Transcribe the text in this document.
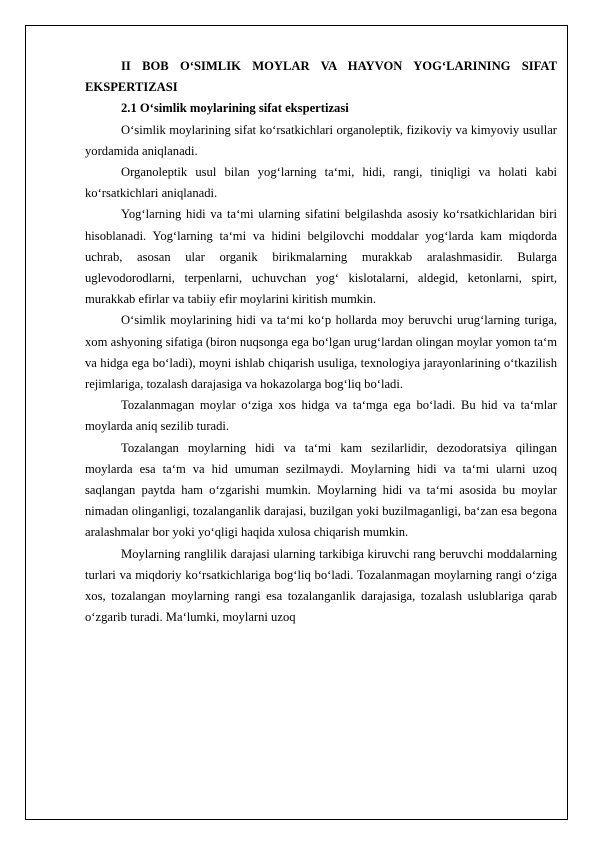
II BOB O‘SIMLIK MOYLAR VA HAYVON YOG‘LARINING SIFAT EKSPERTIZASI

2.1 O‘simlik moylarining sifat ekspertizasi

O‘simlik moylarining sifat ko‘rsatkichlari organoleptik, fizikoviy va kimyoviy usullar yordamida aniqlanadi.

Organoleptik usul bilan yog‘larning ta‘mi, hidi, rangi, tiniqligi va holati kabi ko‘rsatkichlari aniqlanadi.

Yog‘larning hidi va ta‘mi ularning sifatini belgilashda asosiy ko‘rsatkichlaridan biri hisoblanadi. Yog‘larning ta‘mi va hidini belgilovchi moddalar yog‘larda kam miqdorda uchrab, asosan ular organik birikmalarning murakkab aralashmasidir. Bularga uglevodorodlarni, terpenlarni, uchuvchan yog‘ kislotalarni, aldegid, ketonlarni, spirt, murakkab efirlar va tabiiy efir moylarini kiritish mumkin.

O‘simlik moylarining hidi va ta‘mi ko‘p hollarda moy beruvchi urug‘larning turiga, xom ashyoning sifatiga (biron nuqsonga ega bo‘lgan urug‘lardan olingan moylar yomon ta‘m va hidga ega bo‘ladi), moyni ishlab chiqarish usuliga, texnologiya jarayonlarining o‘tkazilish rejimlariga, tozalash darajasiga va hokazolarga bog‘liq bo‘ladi.

Tozalanmagan moylar o‘ziga xos hidga va ta‘mga ega bo‘ladi. Bu hid va ta‘mlar moylarda aniq sezilib turadi.

Tozalangan moylarning hidi va ta‘mi kam sezilarlidir, dezodoratsiya qilingan moylarda esa ta‘m va hid umuman sezilmaydi. Moylarning hidi va ta‘mi ularni uzoq saqlangan paytda ham o‘zgarishi mumkin. Moylarning hidi va ta‘mi asosida bu moylar nimadan olinganligi, tozalanganlik darajasi, buzilgan yoki buzilmaganligi, ba‘zan esa begona aralashmalar bor yoki yo‘qligi haqida xulosa chiqarish mumkin.

Moylarning ranglilik darajasi ularning tarkibiga kiruvchi rang beruvchi moddalarning turlari va miqdoriy ko‘rsatkichlariga bog‘liq bo‘ladi. Tozalanmagan moylarning rangi o‘ziga xos, tozalangan moylarning rangi esa tozalanganlik darajasiga, tozalash uslublariga qarab o‘zgarib turadi. Ma‘lumki, moylarni uzoq
